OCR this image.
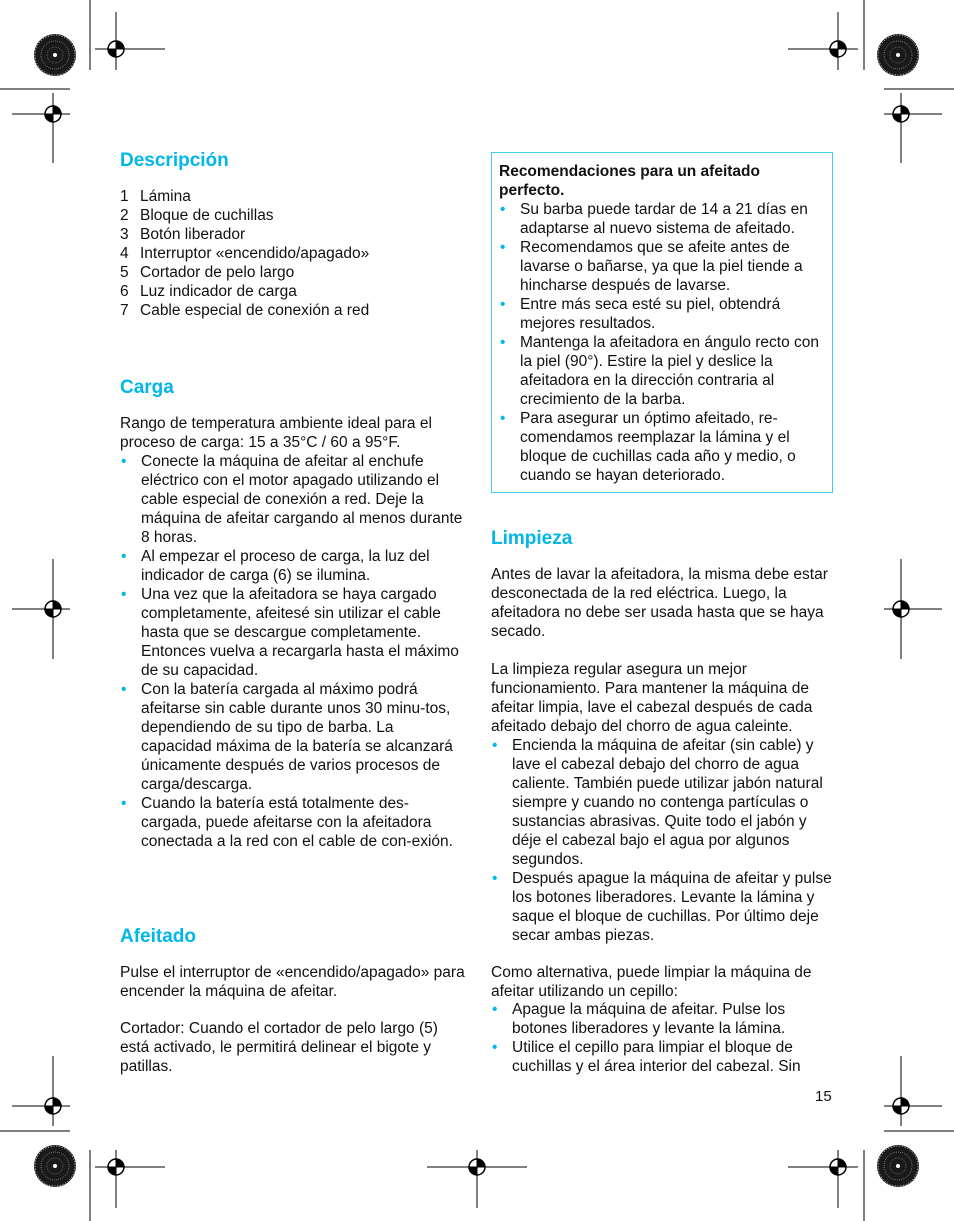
Descripción
1 Lámina
2 Bloque de cuchillas
3 Botón liberador
4 Interruptor «encendido/apagado»
5 Cortador de pelo largo
6 Luz indicador de carga
7 Cable especial de conexión a red
Carga

Rango de temperatura ambiente ideal para el proceso de carga: 15 a 35°C / 60 a 95°F.

• Conecte la máquina de afeitar al enchufe eléctrico con el motor apagado utilizando el cable especial de conexión a red. Deje la máquina de afeitar cargando al menos durante 8 horas.
• Al empezar el proceso de carga, la luz del indicador de carga (6) se ilumina.
• Una vez que la afeitadora se haya cargado completamente, afeitesé sin utilizar el cable hasta que se descargue completamente. Entonces vuelva a recargarla hasta el máximo de su capacidad.
• Con la batería cargada al máximo podrá afeitarse sin cable durante unos 30 minu-tos, dependiendo de su tipo de barba. La capacidad máxima de la batería se alcanzará únicamente después de varios procesos de carga/descarga.
• Cuando la batería está totalmente des-cargada, puede afeitarse con la afeitadora conectada a la red con el cable de con-exión.
Afeitado

Pulse el interruptor de «encendido/apagado» para encender la máquina de afeitar.

Cortador: Cuando el cortador de pelo largo (5) está activado, le permitirá delinear el bigote y patillas.

Recomendaciones para un afeitado perfecto.
• Su barba puede tardar de 14 a 21 días en adaptarse al nuevo sistema de afeitado.
• Recomendamos que se afeite antes de lavarse o bañarse, ya que la piel tiende a hincharse después de lavarse.
• Entre más seca esté su piel, obtendrá mejores resultados.
• Mantenga la afeitadora en ángulo recto con la piel (90°). Estire la piel y deslice la afeitadora en la dirección contraria al crecimiento de la barba.
• Para asegurar un óptimo afeitado, re-comendamos reemplazar la lámina y el bloque de cuchillas cada año y medio, o cuando se hayan deteriorado.
Limpieza

Antes de lavar la afeitadora, la misma debe estar desconectada de la red eléctrica. Luego, la afeitadora no debe ser usada hasta que se haya secado.

La limpieza regular asegura un mejor funcionamiento. Para mantener la máquina de afeitar limpia, lave el cabezal después de cada afeitado debajo del chorro de agua caleinte.

• Encienda la máquina de afeitar (sin cable) y lave el cabezal debajo del chorro de agua caliente. También puede utilizar jabón natural siempre y cuando no contenga partículas o sustancias abrasivas. Quite todo el jabón y déje el cabezal bajo el agua por algunos segundos.
• Después apague la máquina de afeitar y pulse los botones liberadores. Levante la lámina y saque el bloque de cuchillas. Por último deje secar ambas piezas.

Como alternativa, puede limpiar la máquina de afeitar utilizando un cepillo:

• Apague la máquina de afeitar. Pulse los botones liberadores y levante la lámina.
• Utilice el cepillo para limpiar el bloque de cuchillas y el área interior del cabezal. Sin
15
